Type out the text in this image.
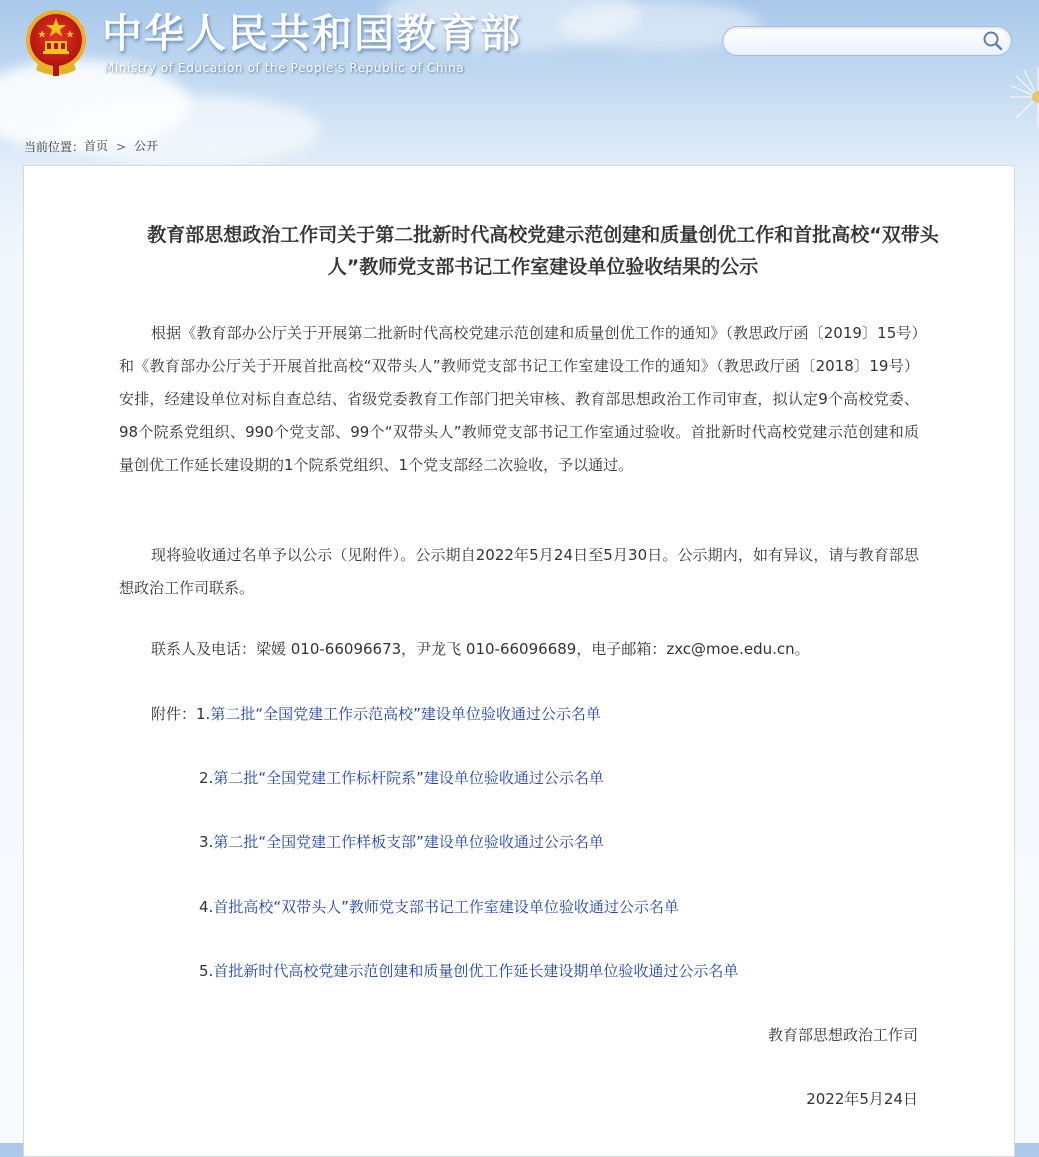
中华人民共和国教育部
Ministry of Education of the People's Republic of China
当前位置：首页 > 公开
教育部思想政治工作司关于第二批新时代高校党建示范创建和质量创优工作和首批高校“双带头人”教师党支部书记工作室建设单位验收结果的公示

根据《教育部办公厅关于开展第二批新时代高校党建示范创建和质量创优工作的通知》（教思政厅函〔2019〕15号）和《教育部办公厅关于开展首批高校“双带头人”教师党支部书记工作室建设工作的通知》（教思政厅函〔2018〕19号）安排，经建设单位对标自查总结、省级党委教育工作部门把关审核、教育部思想政治工作司审查，拟认定9个高校党委、98个院系党组织、990个党支部、99个“双带头人”教师党支部书记工作室通过验收。首批新时代高校党建示范创建和质量创优工作延长建设期的1个院系党组织、1个党支部经二次验收，予以通过。

现将验收通过名单予以公示（见附件）。公示期自2022年5月24日至5月30日。公示期内，如有异议，请与教育部思想政治工作司联系。

联系人及电话：梁媛 010-66096673，尹龙飞 010-66096689，电子邮箱：zxc@moe.edu.cn。
附件：1.第二批“全国党建工作示范高校”建设单位验收通过公示名单
2.第二批“全国党建工作标杆院系”建设单位验收通过公示名单
3.第二批“全国党建工作样板支部”建设单位验收通过公示名单
4.首批高校“双带头人”教师党支部书记工作室建设单位验收通过公示名单
5.首批新时代高校党建示范创建和质量创优工作延长建设期单位验收通过公示名单
教育部思想政治工作司
2022年5月24日
